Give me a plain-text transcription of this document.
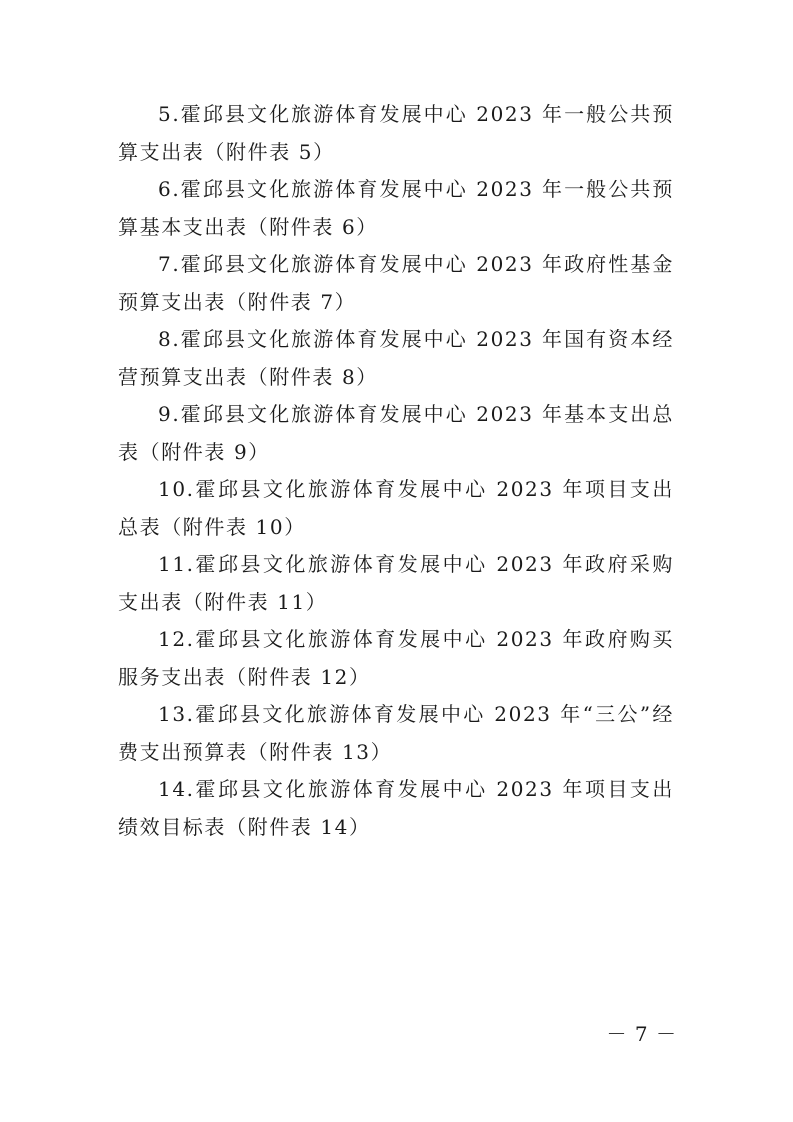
5.霍邱县文化旅游体育发展中心 2023 年一般公共预算支出表（附件表 5）

6.霍邱县文化旅游体育发展中心 2023 年一般公共预算基本支出表（附件表 6）

7.霍邱县文化旅游体育发展中心 2023 年政府性基金预算支出表（附件表 7）

8.霍邱县文化旅游体育发展中心 2023 年国有资本经营预算支出表（附件表 8）

9.霍邱县文化旅游体育发展中心 2023 年基本支出总表（附件表 9）

10.霍邱县文化旅游体育发展中心 2023 年项目支出总表（附件表 10）

11.霍邱县文化旅游体育发展中心 2023 年政府采购支出表（附件表 11）

12.霍邱县文化旅游体育发展中心 2023 年政府购买服务支出表（附件表 12）

13.霍邱县文化旅游体育发展中心 2023 年“三公”经费支出预算表（附件表 13）

14.霍邱县文化旅游体育发展中心 2023 年项目支出绩效目标表（附件表 14）

－ 7 －
